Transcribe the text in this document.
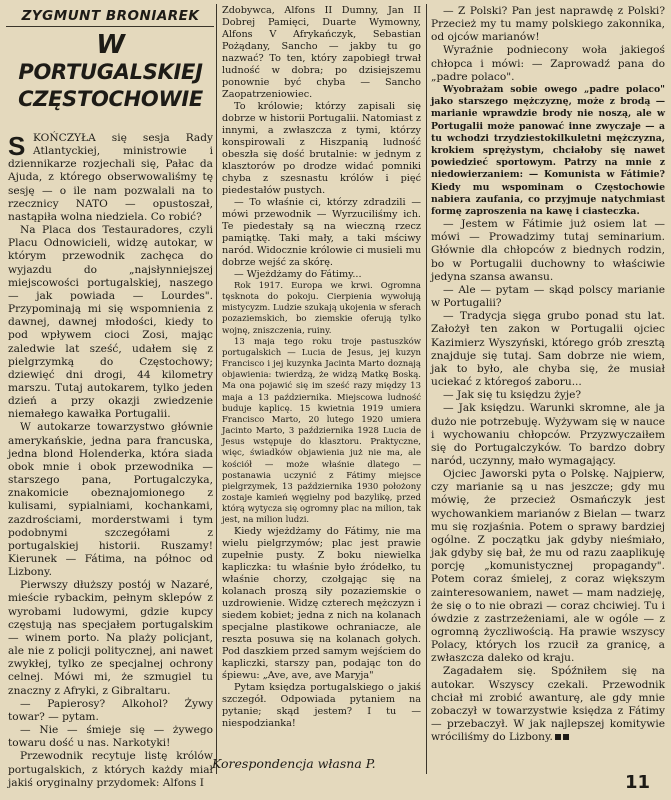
ZYGMUNT BRONIAREK
W
PORTUGALSKIEJ
CZĘSTOCHOWIE

SKOŃCZYŁA się sesja Rady Atlantyckiej, ministrowie i dziennikarze rozjechali się, Pałac da Ajuda, z którego obserwowaliśmy tę sesję — o ile nam pozwalali na to rzecznicy NATO — opustoszał, nastąpiła wolna niedziela. Co robić?

Na Placa dos Testauradores, czyli Placu Odnowicieli, widzę autokar, w którym przewodnik zachęca do wyjazdu do „najsłynniejszej miejscowości portugalskiej, naszego — jak powiada — Lourdes". Przypominają mi się wspomnienia z dawnej, dawnej młodości, kiedy to pod wpływem cioci Zosi, mając zaledwie lat sześć, udałem się z pielgrzymką do Częstochowy; dziewięć dni drogi, 44 kilometry marszu. Tutaj autokarem, tylko jeden dzień a przy okazji zwiedzenie niemałego kawałka Portugalii.

W autokarze towarzystwo głównie amerykańskie, jedna para francuska, jedna blond Holenderka, która siada obok mnie i obok przewodnika — starszego pana, Portugalczyka, znakomicie obeznajomionego z kulisami, sypialniami, kochankami, zazdrościami, morderstwami i tym podobnymi szczegółami z portugalskiej historii. Ruszamy! Kierunek — Fátima, na północ od Lizbony.

Pierwszy dłuższy postój w Nazaré, mieście rybackim, pełnym sklepów z wyrobami ludowymi, gdzie kupcy częstują nas specjałem portugalskim — winem porto. Na plaży policjant, ale nie z policji politycznej, ani nawet zwykłej, tylko ze specjalnej ochrony celnej. Mówi mi, że szmugiel tu znaczny z Afryki, z Gibraltaru.

— Papierosy? Alkohol? Żywy towar? — pytam.

— Nie — śmieje się — żywego towaru dość u nas. Narkotyki!

Przewodnik recytuje listę królów portugalskich, z których każdy miał jakiś oryginalny przydomek: Alfons I

Zdobywca, Alfons II Dumny, Jan II Dobrej Pamięci, Duarte Wymowny, Alfons V Afrykańczyk, Sebastian Pożądany, Sancho — jakby tu go nazwać? To ten, który zapobiegł trwał ludność w dobra; po dzisiejszemu ponownie być chyba — Sancho Zaopatrzeniowiec.

To królowie; którzy zapisali się dobrze w historii Portugalii. Natomiast z innymi, a zwłaszcza z tymi, którzy konspirowali z Hiszpanią ludność obeszła się dość brutalnie: w jednym z klasztorów po drodze widać pomniki chyba z szesnastu królów i pięć piedestałów pustych.

— To właśnie ci, którzy zdradzili — mówi przewodnik — Wyrzuciliśmy ich. Te piedestały są na wieczną rzecz pamiątkę. Taki mały, a taki mściwy naród. Widocznie królowie ci musieli mu dobrze wejść za skórę.

— Wjeżdżamy do Fátimy...

Rok 1917. Europa we krwi. Ogromna tęsknota do pokoju. Cierpienia wywołują mistycyzm. Ludzie szukają ukojenia w sferach pozaziemskich, bo ziemskie oferują tylko wojnę, zniszczenia, ruiny.

13 maja tego roku troje pastuszków portugalskich — Lucia de Jesus, jej kuzyn Francisco i jej kuzynka Jacinta Marto doznają objawienia: twierdzą, że widzą Matkę Boską. Ma ona pojawić się im sześć razy między 13 maja a 13 października. Miejscowa ludność buduje kaplicę. 15 kwietnia 1919 umiera Francisco Marto, 20 lutego 1920 umiera Jacinto Marto, 3 października 1928 Lucia de Jesus wstępuje do klasztoru. Praktyczne, więc, świadków objawienia już nie ma, ale kościół — może właśnie dlatego — postanawia uczynić z Fátimy miejsce pielgrzymek, 13 października 1930 położony zostaje kamień węgielny pod bazylikę, przed którą wytycza się ogromny plac na milion, tak jest, na milion ludzi.

Kiedy wjeżdżamy do Fátimy, nie ma wielu pielgrzymów; plac jest prawie zupełnie pusty. Z boku niewielka kapliczka: tu właśnie było źródełko, tu właśnie chorzy, czołgając się na kolanach proszą siły pozaziemskie o uzdrowienie. Widzę czterech mężczyzn i siedem kobiet; jedna z nich na kolanach specjalne plastikowe ochraniacze, ale reszta posuwa się na kolanach gołych. Pod daszkiem przed samym wejściem do kapliczki, starszy pan, podając ton do śpiewu: „Ave, ave, ave Maryja"

Pytam księdza portugalskiego o jakiś szczegół. Odpowiada pytaniem na pytanie; skąd jestem? I tu — niespodzianka!

— Z Polski? Pan jest naprawdę z Polski? Przecież my tu mamy polskiego zakonnika, od ojców marianów!

Wyraźnie podniecony woła jakiegoś chłopca i mówi: — Zaprowadź pana do „padre polaco".

Wyobrażam sobie owego „padre polaco" jako starszego mężczyznę, może z brodą — marianie wprawdzie brody nie noszą, ale w Portugalii może panować inne zwyczaje — a tu wchodzi trzydziestokilkuletni mężczyzna, krokiem sprężystym, chciałoby się nawet powiedzieć sportowym. Patrzy na mnie z niedowierzaniem: — Komunista w Fátimie? Kiedy mu wspominam o Częstochowie nabiera zaufania, co przyjmuje natychmiast formę zaproszenia na kawę i ciasteczka.

— Jestem w Fátimie już osiem lat — mówi — Prowadzimy tutaj seminarium. Głównie dla chłopców z biednych rodzin, bo w Portugalii duchowny to właściwie jedyna szansa awansu.

— Ale — pytam — skąd polscy marianie w Portugalii?

— Tradycja sięga grubo ponad stu lat. Założył ten zakon w Portugalii ojciec Kazimierz Wyszyński, którego grób zresztą znajduje się tutaj. Sam dobrze nie wiem, jak to było, ale chyba się, że musiał uciekać z któregoś zaboru...

— Jak się tu księdzu żyje?

— Jak księdzu. Warunki skromne, ale ja dużo nie potrzebuję. Wyżywam się w nauce i wychowaniu chłopców. Przyzwyczaiłem się do Portugalczyków. To bardzo dobry naród, uczynny, mało wymagający.

Ojciec Jaworski pyta o Polskę. Najpierw, czy marianie są u nas jeszcze; gdy mu mówię, że przecież Osmańczyk jest wychowankiem marianów z Bielan — twarz mu się rozjaśnia. Potem o sprawy bardziej ogólne. Z początku jak gdyby nieśmiało, jak gdyby się bał, że mu od razu zaaplikuję porcję „komunistycznej propagandy". Potem coraz śmielej, z coraz większym zainteresowaniem, nawet — mam nadzieję, że się o to nie obrazi — coraz chciwiej. Tu i ówdzie z zastrzeżeniami, ale w ogóle — z ogromną życzliwością. Ha prawie wszyscy Polacy, których los rzucił za granicę, a zwłaszcza daleko od kraju.

Zagadałem się. Spóźniłem się na autokar. Wszyscy czekali. Przewodnik chciał mi zrobić awanturę, ale gdy mnie zobaczył w towarzystwie księdza z Fátimy — przebaczył. W jak najlepszej komitywie wróciliśmy do Lizbony.

Korespondencja własna P.
11
